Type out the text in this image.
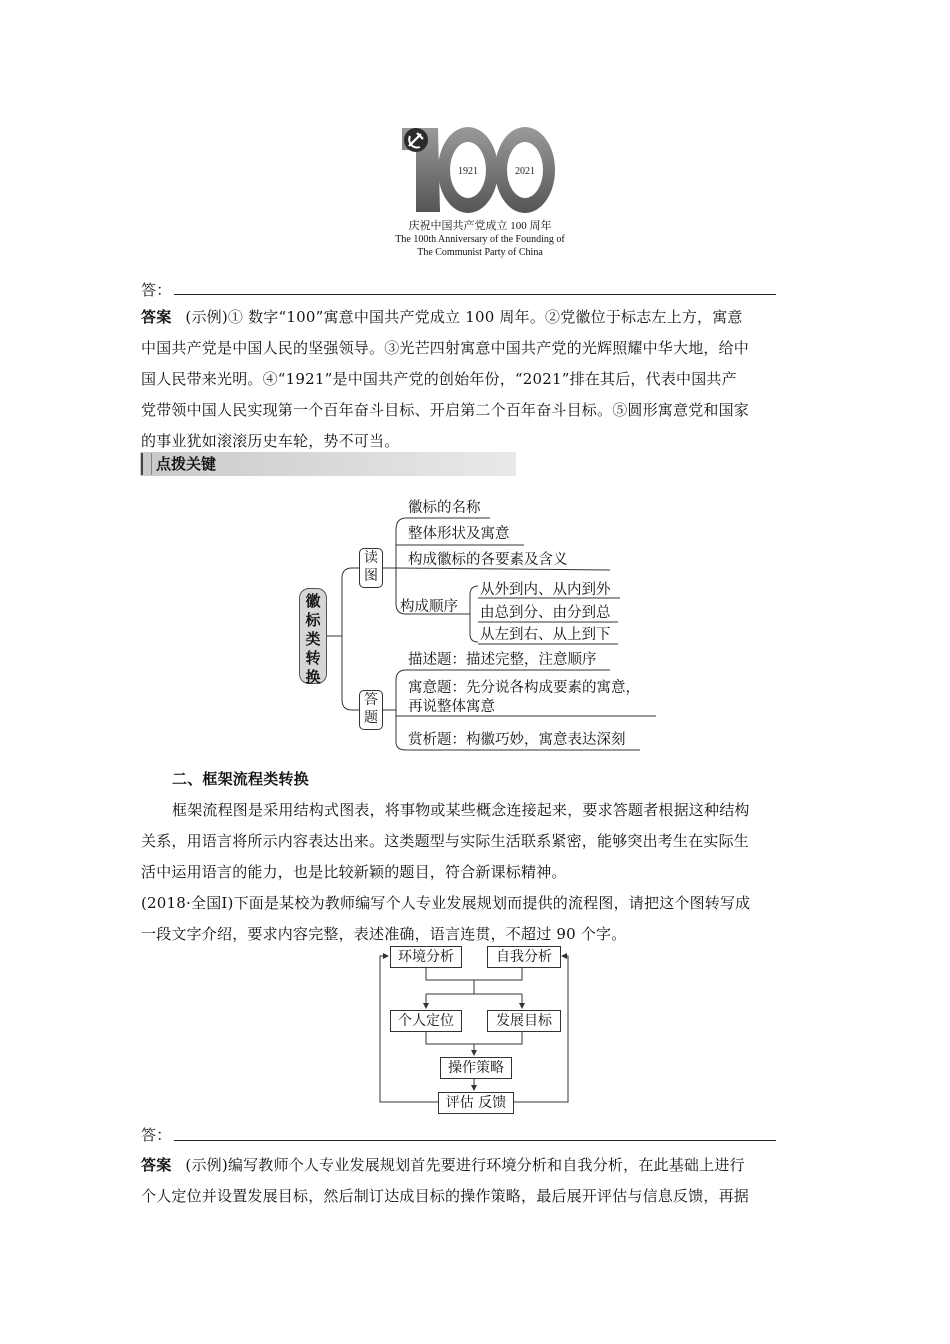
1921	2021
庆祝中国共产党成立 100 周年
The 100th Anniversary of the Founding of
The Communist Party of China
答：
答案 (示例)① 数字“100”寓意中国共产党成立 100 周年。②党徽位于标志左上方，寓意
中国共产党是中国人民的坚强领导。③光芒四射寓意中国共产党的光辉照耀中华大地，给中
国人民带来光明。④“1921”是中国共产党的创始年份，“2021”排在其后，代表中国共产
党带领中国人民实现第一个百年奋斗目标、开启第二个百年奋斗目标。⑤圆形寓意党和国家
的事业犹如滚滚历史车轮，势不可当。
点拨关键
徽
标
类
转
换
读
图
徽标的名称
整体形状及寓意
构成徽标的各要素及含义
构成顺序
从外到内、从内到外
由总到分、由分到总
从左到右、从上到下
答
题
描述题：描述完整，注意顺序
寓意题：先分说各构成要素的寓意，
再说整体寓意
赏析题：构徽巧妙，寓意表达深刻
二、框架流程类转换
框架流程图是采用结构式图表，将事物或某些概念连接起来，要求答题者根据这种结构
关系，用语言将所示内容表达出来。这类题型与实际生活联系紧密，能够突出考生在实际生
活中运用语言的能力，也是比较新颖的题目，符合新课标精神。
(2018·全国Ⅰ)下面是某校为教师编写个人专业发展规划而提供的流程图，请把这个图转写成
一段文字介绍，要求内容完整，表述准确，语言连贯，不超过 90 个字。
环境分析	自我分析
个人定位	发展目标
操作策略
评估 反馈
答：
答案 (示例)编写教师个人专业发展规划首先要进行环境分析和自我分析，在此基础上进行
个人定位并设置发展目标，然后制订达成目标的操作策略，最后展开评估与信息反馈，再据
